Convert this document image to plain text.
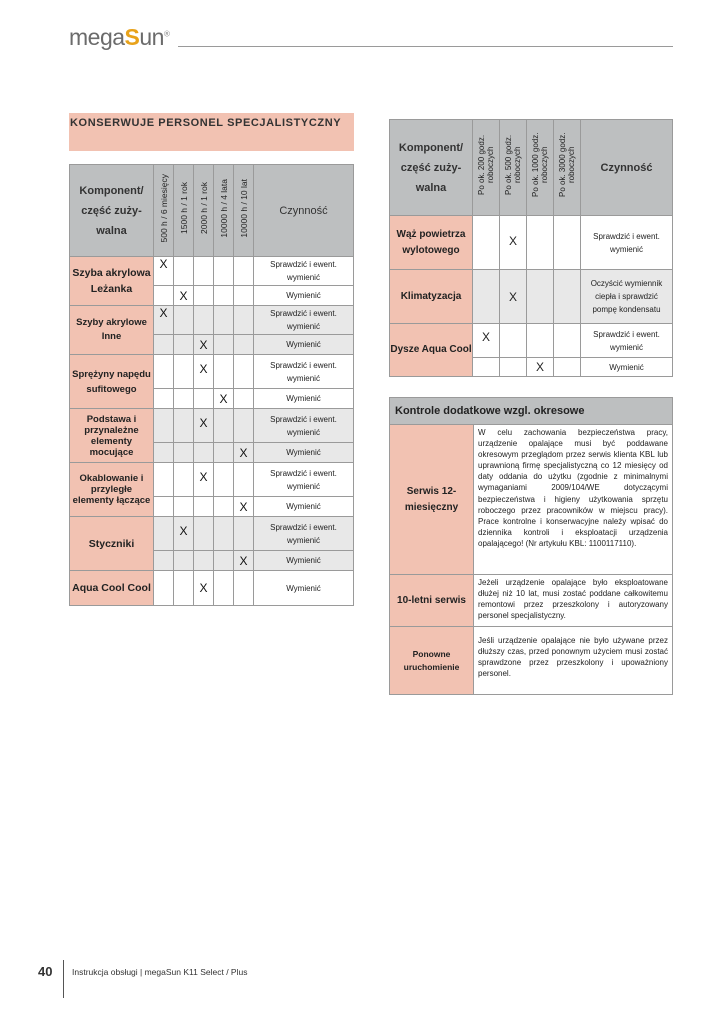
megaSun®
KONSERWUJE PERSONEL SPECJALISTYCZNY
Komponent/ część zuży-walna	500 h / 6 miesięcy	1500 h / 1 rok	2000 h / 1 rok	10000 h / 4 lata	10000 h / 10 lat	Czynność
Szyba akrylowa Leżanka	X					Sprawdzić i ewent. wymienić
		X				Wymienić
Szyby akrylowe Inne	X					Sprawdzić i ewent. wymienić
			X			Wymienić
Sprężyny napędu sufitowego			X			Sprawdzić i ewent. wymienić
				X		Wymienić
Podstawa i przynależne elementy mocujące			X			Sprawdzić i ewent. wymienić
					X	Wymienić
Okablowanie i przyległe elementy łączące			X			Sprawdzić i ewent. wymienić
					X	Wymienić
Styczniki		X				Sprawdzić i ewent. wymienić
					X	Wymienić
Aqua Cool Cool			X			Wymienić
Komponent/ część zuży-walna	Po ok. 200 godz. roboczych	Po ok. 500 godz. roboczych	Po ok. 1000 godz. roboczych	Po ok. 3000 godz. roboczych	Czynność
Wąż powietrza wylotowego		X			Sprawdzić i ewent. wymienić
Klimatyzacja		X			Oczyścić wymiennik ciepła i sprawdzić pompę kondensatu
Dysze Aqua Cool	X				Sprawdzić i ewent. wymienić
			X		Wymienić
Kontrole dodatkowe wzgl. okresowe	
Serwis 12-miesięczny	W celu zachowania bezpieczeństwa pracy, urządzenie opalające musi być poddawane okresowym przeglądom przez serwis klienta KBL lub uprawnioną firmę specjalistyczną co 12 miesięcy od daty oddania do użytku (zgodnie z minimalnymi wymaganiami 2009/104/WE dotyczącymi bezpieczeństwa i higieny użytkowania sprzętu roboczego przez pracowników w miejscu pracy). Prace kontrolne i konserwacyjne należy wpisać do dziennika kontroli i eksploatacji urządzenia opalającego! (Nr artykułu KBL: 1100117110).
10-letni serwis	Jeżeli urządzenie opalające było eksploatowane dłużej niż 10 lat, musi zostać poddane całkowitemu remontowi przez przeszkolony i autoryzowany personel specjalistyczny.
Ponowne uruchomienie	Jeśli urządzenie opalające nie było używane przez dłuższy czas, przed ponownym użyciem musi zostać sprawdzone przez przeszkolony i upoważniony personel.
40 Instrukcja obsługi | megaSun K11 Select / Plus
